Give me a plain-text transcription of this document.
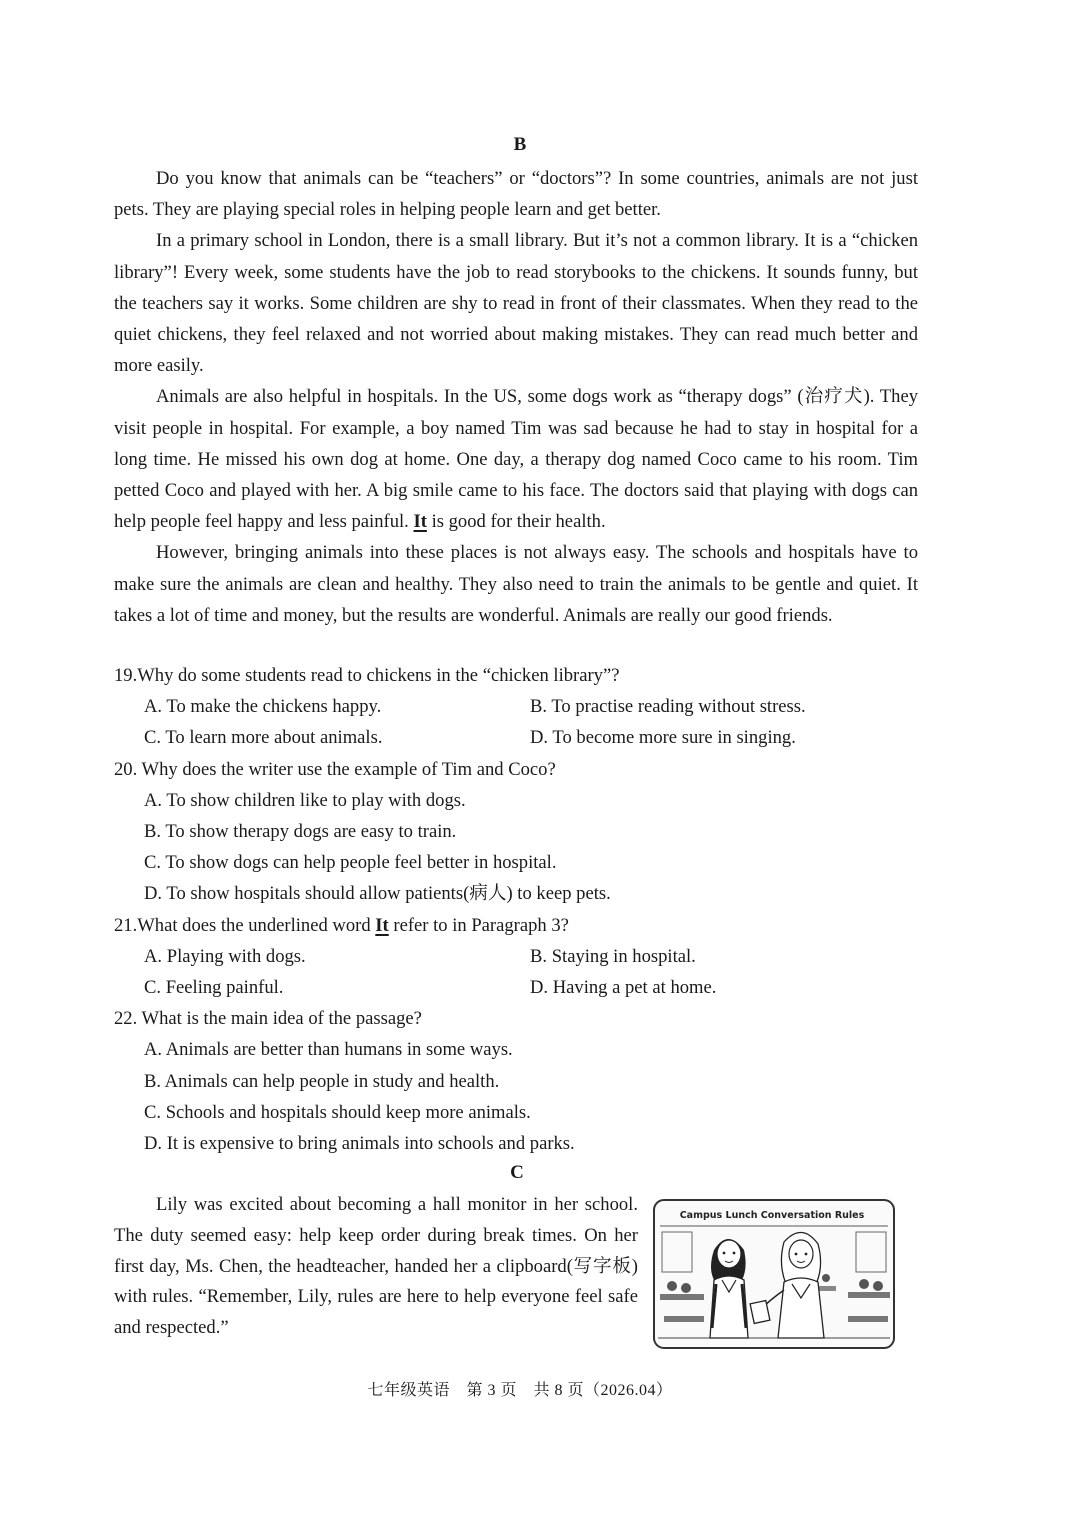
B

Do you know that animals can be “teachers” or “doctors”? In some countries, animals are not just pets. They are playing special roles in helping people learn and get better.

In a primary school in London, there is a small library. But it’s not a common library. It is a “chicken library”! Every week, some students have the job to read storybooks to the chickens. It sounds funny, but the teachers say it works. Some children are shy to read in front of their classmates. When they read to the quiet chickens, they feel relaxed and not worried about making mistakes. They can read much better and more easily.

Animals are also helpful in hospitals. In the US, some dogs work as “therapy dogs” (治疗犬). They visit people in hospital. For example, a boy named Tim was sad because he had to stay in hospital for a long time. He missed his own dog at home. One day, a therapy dog named Coco came to his room. Tim petted Coco and played with her. A big smile came to his face. The doctors said that playing with dogs can help people feel happy and less painful. It is good for their health.

However, bringing animals into these places is not always easy. The schools and hospitals have to make sure the animals are clean and healthy. They also need to train the animals to be gentle and quiet. It takes a lot of time and money, but the results are wonderful. Animals are really our good friends.

19.Why do some students read to chickens in the “chicken library”?
A. To make the chickens happy.	B. To practise reading without stress.
C. To learn more about animals.	D. To become more sure in singing.
20. Why does the writer use the example of Tim and Coco?
A. To show children like to play with dogs.
B. To show therapy dogs are easy to train.
C. To show dogs can help people feel better in hospital.
D. To show hospitals should allow patients(病人) to keep pets.
21.What does the underlined word It refer to in Paragraph 3?
A. Playing with dogs.	B. Staying in hospital.
C. Feeling painful.	D. Having a pet at home.
22. What is the main idea of the passage?
A. Animals are better than humans in some ways.
B. Animals can help people in study and health.
C. Schools and hospitals should keep more animals.
D. It is expensive to bring animals into schools and parks.
C

Lily was excited about becoming a hall monitor in her school. The duty seemed easy: help keep order during break times. On her first day, Ms. Chen, the headteacher, handed her a clipboard(写字板) with rules. “Remember, Lily, rules are here to help everyone feel safe and respected.”

Campus Lunch Conversation Rules
七年级英语　第 3 页　共 8 页（2026.04）
